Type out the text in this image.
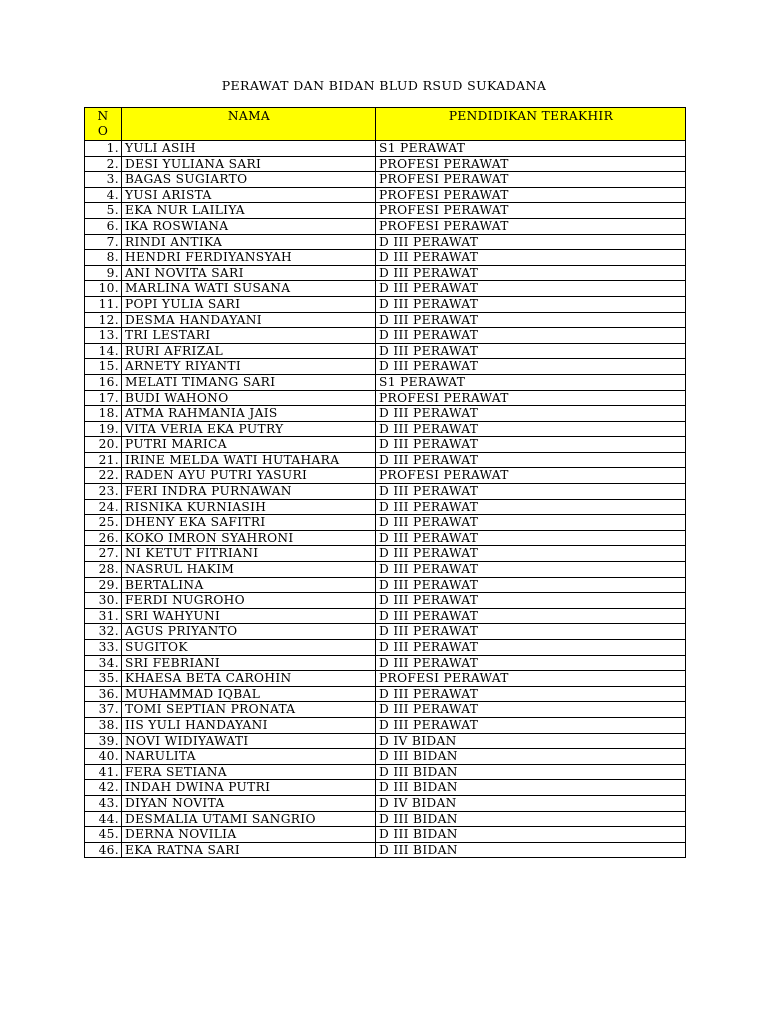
PERAWAT DAN BIDAN BLUD RSUD SUKADANA
N
O	NAMA	PENDIDIKAN TERAKHIR
1.	YULI ASIH	S1 PERAWAT
2.	DESI YULIANA SARI	PROFESI PERAWAT
3.	BAGAS SUGIARTO	PROFESI PERAWAT
4.	YUSI ARISTA	PROFESI PERAWAT
5.	EKA NUR LAILIYA	PROFESI PERAWAT
6.	IKA ROSWIANA	PROFESI PERAWAT
7.	RINDI ANTIKA	D III PERAWAT
8.	HENDRI FERDIYANSYAH	D III PERAWAT
9.	ANI NOVITA SARI	D III PERAWAT
10.	MARLINA WATI SUSANA	D III PERAWAT
11.	POPI YULIA SARI	D III PERAWAT
12.	DESMA HANDAYANI	D III PERAWAT
13.	TRI LESTARI	D III PERAWAT
14.	RURI AFRIZAL	D III PERAWAT
15.	ARNETY RIYANTI	D III PERAWAT
16.	MELATI TIMANG SARI	S1 PERAWAT
17.	BUDI WAHONO	PROFESI PERAWAT
18.	ATMA RAHMANIA JAIS	D III PERAWAT
19.	VITA VERIA EKA PUTRY	D III PERAWAT
20.	PUTRI MARICA	D III PERAWAT
21.	IRINE MELDA WATI HUTAHARA	D III PERAWAT
22.	RADEN AYU PUTRI YASURI	PROFESI PERAWAT
23.	FERI INDRA PURNAWAN	D III PERAWAT
24.	RISNIKA KURNIASIH	D III PERAWAT
25.	DHENY EKA SAFITRI	D III PERAWAT
26.	KOKO IMRON SYAHRONI	D III PERAWAT
27.	NI KETUT FITRIANI	D III PERAWAT
28.	NASRUL HAKIM	D III PERAWAT
29.	BERTALINA	D III PERAWAT
30.	FERDI NUGROHO	D III PERAWAT
31.	SRI WAHYUNI	D III PERAWAT
32.	AGUS PRIYANTO	D III PERAWAT
33.	SUGITOK	D III PERAWAT
34.	SRI FEBRIANI	D III PERAWAT
35.	KHAESA BETA CAROHIN	PROFESI PERAWAT
36.	MUHAMMAD IQBAL	D III PERAWAT
37.	TOMI SEPTIAN PRONATA	D III PERAWAT
38.	IIS YULI HANDAYANI	D III PERAWAT
39.	NOVI WIDIYAWATI	D IV BIDAN
40.	NARULITA	D III BIDAN
41.	FERA SETIANA	D III BIDAN
42.	INDAH DWINA PUTRI	D III BIDAN
43.	DIYAN NOVITA	D IV BIDAN
44.	DESMALIA UTAMI SANGRIO	D III BIDAN
45.	DERNA NOVILIA	D III BIDAN
46.	EKA RATNA SARI	D III BIDAN
